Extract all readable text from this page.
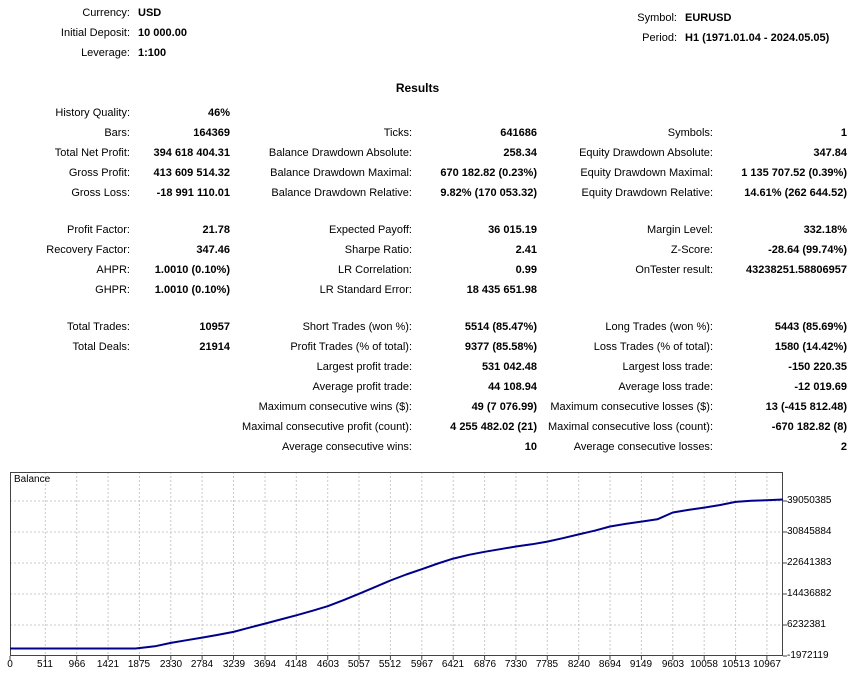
Currency: USD
Initial Deposit: 10 000.00
Leverage: 1:100
Symbol: EURUSD
Period: H1 (1971.01.04 - 2024.05.05)
Results
History Quality:	46%
Bars:	164369	Ticks:	641686	Symbols:	1
Total Net Profit:	394 618 404.31	Balance Drawdown Absolute:	258.34	Equity Drawdown Absolute:	347.84
Gross Profit:	413 609 514.32	Balance Drawdown Maximal:	670 182.82 (0.23%)	Equity Drawdown Maximal:	1 135 707.52 (0.39%)
Gross Loss:	-18 991 110.01	Balance Drawdown Relative:	9.82% (170 053.32)	Equity Drawdown Relative:	14.61% (262 644.52)
Profit Factor:	21.78	Expected Payoff:	36 015.19	Margin Level:	332.18%
Recovery Factor:	347.46	Sharpe Ratio:	2.41	Z-Score:	-28.64 (99.74%)
AHPR:	1.0010 (0.10%)	LR Correlation:	0.99	OnTester result:	43238251.58806957
GHPR:	1.0010 (0.10%)	LR Standard Error:	18 435 651.98
Total Trades:	10957	Short Trades (won %):	5514 (85.47%)	Long Trades (won %):	5443 (85.69%)
Total Deals:	21914	Profit Trades (% of total):	9377 (85.58%)	Loss Trades (% of total):	1580 (14.42%)
Largest profit trade:	531 042.48	Largest loss trade:	-150 220.35
Average profit trade:	44 108.94	Average loss trade:	-12 019.69
Maximum consecutive wins ($):	49 (7 076.99)	Maximum consecutive losses ($):	13 (-415 812.48)
Maximal consecutive profit (count):	4 255 482.02 (21) Maximal consecutive loss (count):	-670 182.82 (8)
Average consecutive wins:	10	Average consecutive losses:	2
Balance
39050385
30845884
22641383
14436882
6232381
-1972119
0	511	966	1421 1875 2330 2784 3239 3694 4148 4603 5057 5512 5967 6421 6876 7330 7785 8240 8694 9149 9603 10058 10513 10967
